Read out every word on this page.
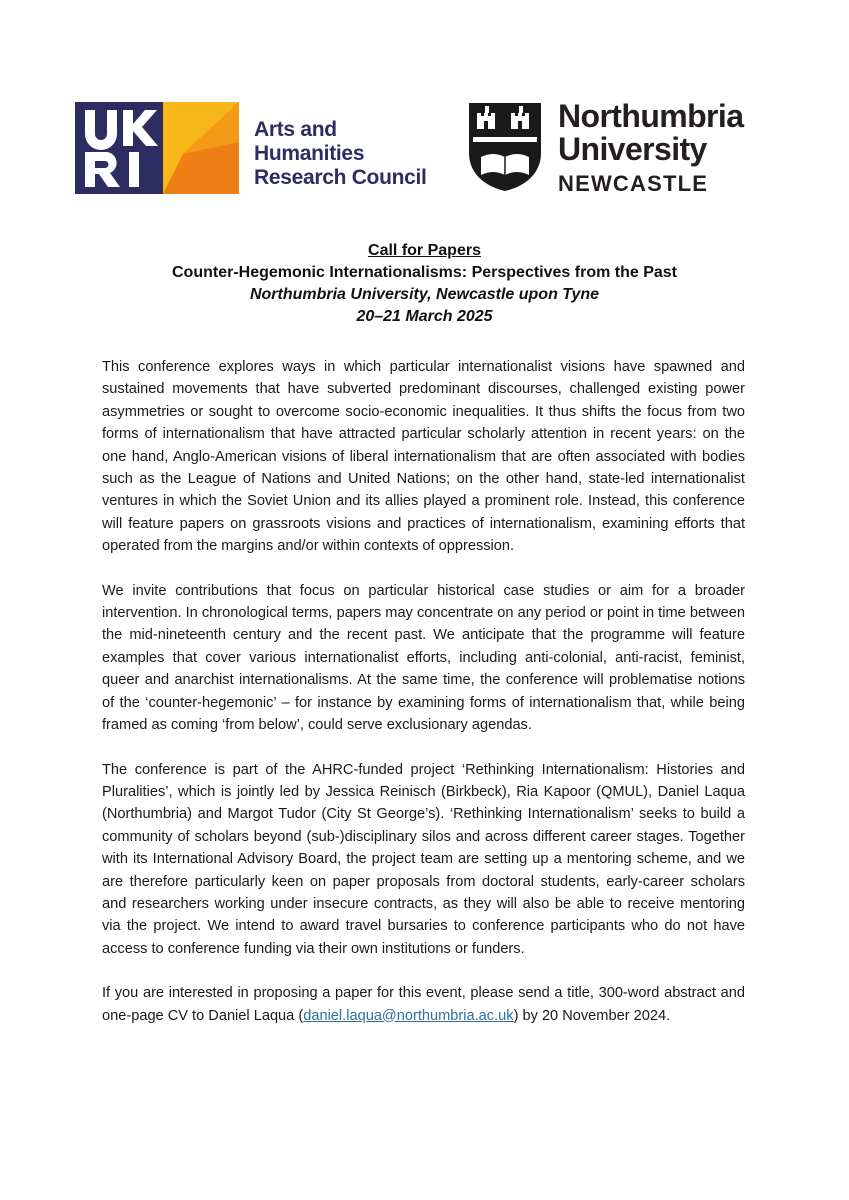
Arts and
Humanities
Research Council
Northumbria
University
NEWCASTLE
Call for Papers
Counter-Hegemonic Internationalisms: Perspectives from the Past
Northumbria University, Newcastle upon Tyne
20–21 March 2025

This conference explores ways in which particular internationalist visions have spawned and sustained movements that have subverted predominant discourses, challenged existing power asymmetries or sought to overcome socio-economic inequalities. It thus shifts the focus from two forms of internationalism that have attracted particular scholarly attention in recent years: on the one hand, Anglo-American visions of liberal internationalism that are often associated with bodies such as the League of Nations and United Nations; on the other hand, state-led internationalist ventures in which the Soviet Union and its allies played a prominent role. Instead, this conference will feature papers on grassroots visions and practices of internationalism, examining efforts that operated from the margins and/or within contexts of oppression.

We invite contributions that focus on particular historical case studies or aim for a broader intervention. In chronological terms, papers may concentrate on any period or point in time between the mid-nineteenth century and the recent past. We anticipate that the programme will feature examples that cover various internationalist efforts, including anti-colonial, anti-racist, feminist, queer and anarchist internationalisms. At the same time, the conference will problematise notions of the ‘counter-hegemonic’ – for instance by examining forms of internationalism that, while being framed as coming ‘from below’, could serve exclusionary agendas.

The conference is part of the AHRC-funded project ‘Rethinking Internationalism: Histories and Pluralities’, which is jointly led by Jessica Reinisch (Birkbeck), Ria Kapoor (QMUL), Daniel Laqua (Northumbria) and Margot Tudor (City St George’s). ‘Rethinking Internationalism’ seeks to build a community of scholars beyond (sub-)disciplinary silos and across different career stages. Together with its International Advisory Board, the project team are setting up a mentoring scheme, and we are therefore particularly keen on paper proposals from doctoral students, early-career scholars and researchers working under insecure contracts, as they will also be able to receive mentoring via the project. We intend to award travel bursaries to conference participants who do not have access to conference funding via their own institutions or funders.

If you are interested in proposing a paper for this event, please send a title, 300-word abstract and one-page CV to Daniel Laqua (daniel.laqua@northumbria.ac.uk) by 20 November 2024.
